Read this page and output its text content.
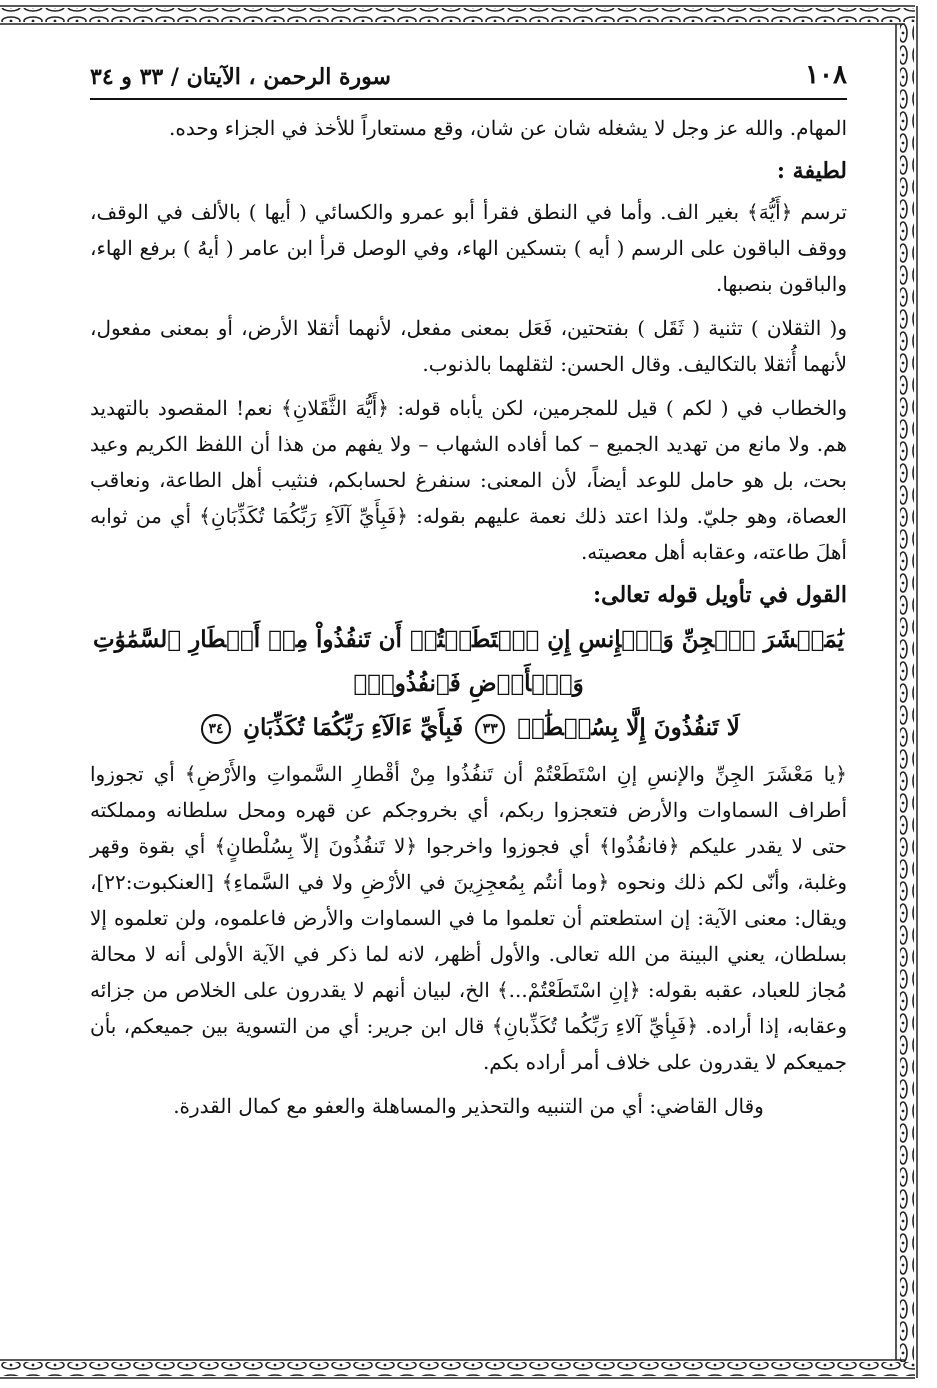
١٠٨
سورة الرحمن ، الآيتان / ٣٣ و ٣٤

المهام. والله عز وجل لا يشغله شان عن شان، وقع مستعاراً للأخذ في الجزاء وحده.

لطيفة :

ترسم ﴿أَيُّهَ﴾ بغير الف. وأما في النطق فقرأ أبو عمرو والكسائي ( أيها ) بالألف في الوقف، ووقف الباقون على الرسم ( أيه ) بتسكين الهاء، وفي الوصل قرأ ابن عامر ( أيهُ ) برفع الهاء، والباقون بنصبها.

و( الثقلان ) تثنية ( ثَقَل ) بفتحتين، فَعَل بمعنى مفعل، لأنهما أثقلا الأرض، أو بمعنى مفعول، لأنهما أُثقلا بالتكاليف. وقال الحسن: لثقلهما بالذنوب.

والخطاب في ( لكم ) قيل للمجرمين، لكن يأباه قوله: ﴿أَيُّهَ الثَّقَلانِ﴾ نعم! المقصود بالتهديد هم. ولا مانع من تهديد الجميع – كما أفاده الشهاب – ولا يفهم من هذا أن اللفظ الكريم وعيد بحت، بل هو حامل للوعد أيضاً، لأن المعنى: سنفرغ لحسابكم، فنثيب أهل الطاعة، ونعاقب العصاة، وهو جليّ. ولذا اعتد ذلك نعمة عليهم بقوله: ﴿فَبِأَيِّ آلَآءِ رَبِّكُمَا تُكَذِّبَانِ﴾ أي من ثوابه أهلَ طاعته، وعقابه أهل معصيته.

القول في تأويل قوله تعالى:
يَٰمَعۡشَرَ ٱلۡجِنِّ وَٱلۡإِنسِ إِنِ ٱسۡتَطَعۡتُمۡ أَن تَنفُذُواْ مِنۡ أَقۡطَارِ ٱلسَّمَٰوَٰتِ وَٱلۡأَرۡضِ فَٱنفُذُواْۚ
لَا تَنفُذُونَ إِلَّا بِسُلۡطَٰنٖ ٣٣ فَبِأَيِّ ءَالَآءِ رَبِّكُمَا تُكَذِّبَانِ ٣٤

﴿يا مَعْشَرَ الجِنِّ والإنسِ إنِ اسْتَطَعْتُمْ أن تَنفُذُوا مِنْ أقْطارِ السَّمواتِ والأَرْضِ﴾ أي تجوزوا أطراف السماوات والأرض فتعجزوا ربكم، أي بخروجكم عن قهره ومحل سلطانه ومملكته حتى لا يقدر عليكم ﴿فانفُذُوا﴾ أي فجوزوا واخرجوا ﴿لا تَنفُذُونَ إلاّ بِسُلْطانٍ﴾ أي بقوة وقهر وغلبة، وأنّى لكم ذلك ونحوه ﴿وما أنتُم بِمُعجِزِينَ في الأرْضِ ولا في السَّماءِ﴾ [العنكبوت:٢٢]، ويقال: معنى الآية: إن استطعتم أن تعلموا ما في السماوات والأرض فاعلموه، ولن تعلموه إلا بسلطان، يعني البينة من الله تعالى. والأول أظهر، لانه لما ذكر في الآية الأولى أنه لا محالة مُجاز للعباد، عقبه بقوله: ﴿إنِ اسْتَطَعْتُمْ...﴾ الخ، لبيان أنهم لا يقدرون على الخلاص من جزائه وعقابه، إذا أراده. ﴿فَبِأيِّ آلاءِ رَبِّكُما تُكَذِّبانِ﴾ قال ابن جرير: أي من التسوية بين جميعكم، بأن جميعكم لا يقدرون على خلاف أمر أراده بكم.

وقال القاضي: أي من التنبيه والتحذير والمساهلة والعفو مع كمال القدرة.
